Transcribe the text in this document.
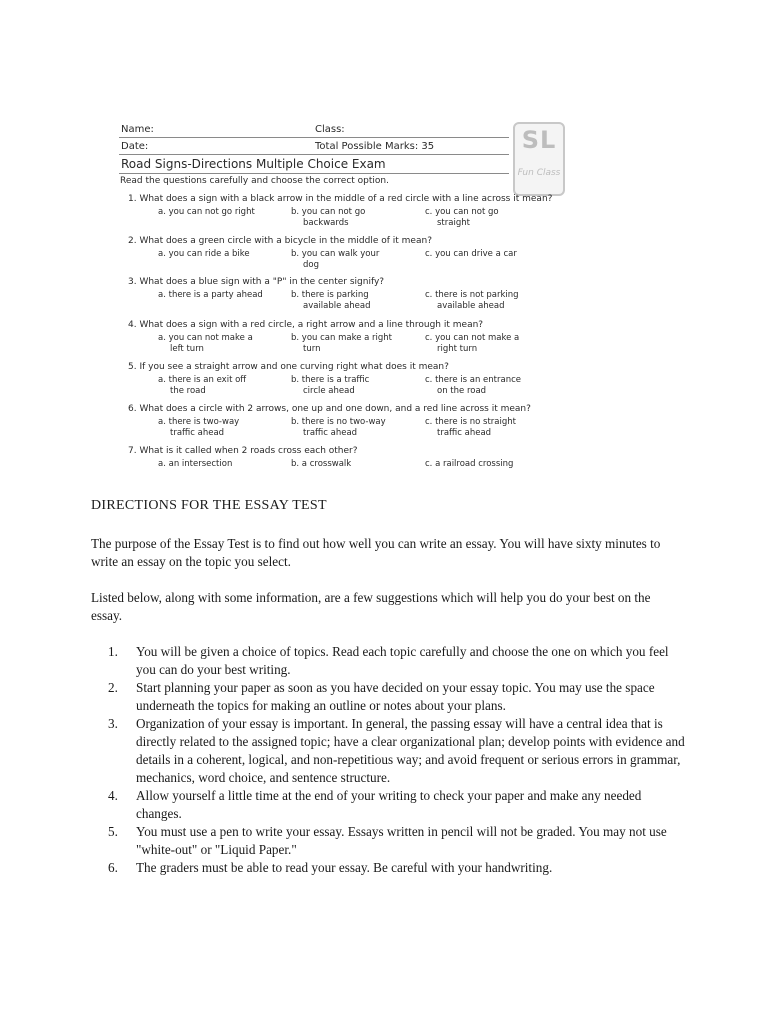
SL
Fun Class
Name:	Class:
Date:	Total Possible Marks: 35
Road Signs-Directions Multiple Choice Exam
Read the questions carefully and choose the correct option.
1. What does a sign with a black arrow in the middle of a red circle with a line across it mean?
a. you can not go right	b. you can not go
backwards
c. you can not go
straight
2. What does a green circle with a bicycle in the middle of it mean?
a. you can ride a bike	b. you can walk your
dog
c. you can drive a car
3. What does a blue sign with a "P" in the center signify?
a. there is a party ahead	b. there is parking
available ahead
c. there is not parking
available ahead
4. What does a sign with a red circle, a right arrow and a line through it mean?
a. you can not make a
left turn
b. you can make a right
turn
c. you can not make a
right turn
5. If you see a straight arrow and one curving right what does it mean?
a. there is an exit off
the road
b. there is a traffic
circle ahead
c. there is an entrance
on the road
6. What does a circle with 2 arrows, one up and one down, and a red line across it mean?
a. there is two-way
traffic ahead
b. there is no two-way
traffic ahead
c. there is no straight
traffic ahead
7. What is it called when 2 roads cross each other?
a. an intersection	b. a crosswalk	c. a railroad crossing
DIRECTIONS FOR THE ESSAY TEST

The purpose of the Essay Test is to find out how well you can write an essay. You will have sixty minutes to write an essay on the topic you select.

Listed below, along with some information, are a few suggestions which will help you do your best on the essay.

1. You will be given a choice of topics. Read each topic carefully and choose the one on which you feel you can do your best writing.
2. Start planning your paper as soon as you have decided on your essay topic. You may use the space underneath the topics for making an outline or notes about your plans.
3. Organization of your essay is important. In general, the passing essay will have a central idea that is directly related to the assigned topic; have a clear organizational plan; develop points with evidence and details in a coherent, logical, and non-repetitious way; and avoid frequent or serious errors in grammar, mechanics, word choice, and sentence structure.
4. Allow yourself a little time at the end of your writing to check your paper and make any needed changes.
5. You must use a pen to write your essay. Essays written in pencil will not be graded. You may not use "white-out" or "Liquid Paper."
6. The graders must be able to read your essay. Be careful with your handwriting.
